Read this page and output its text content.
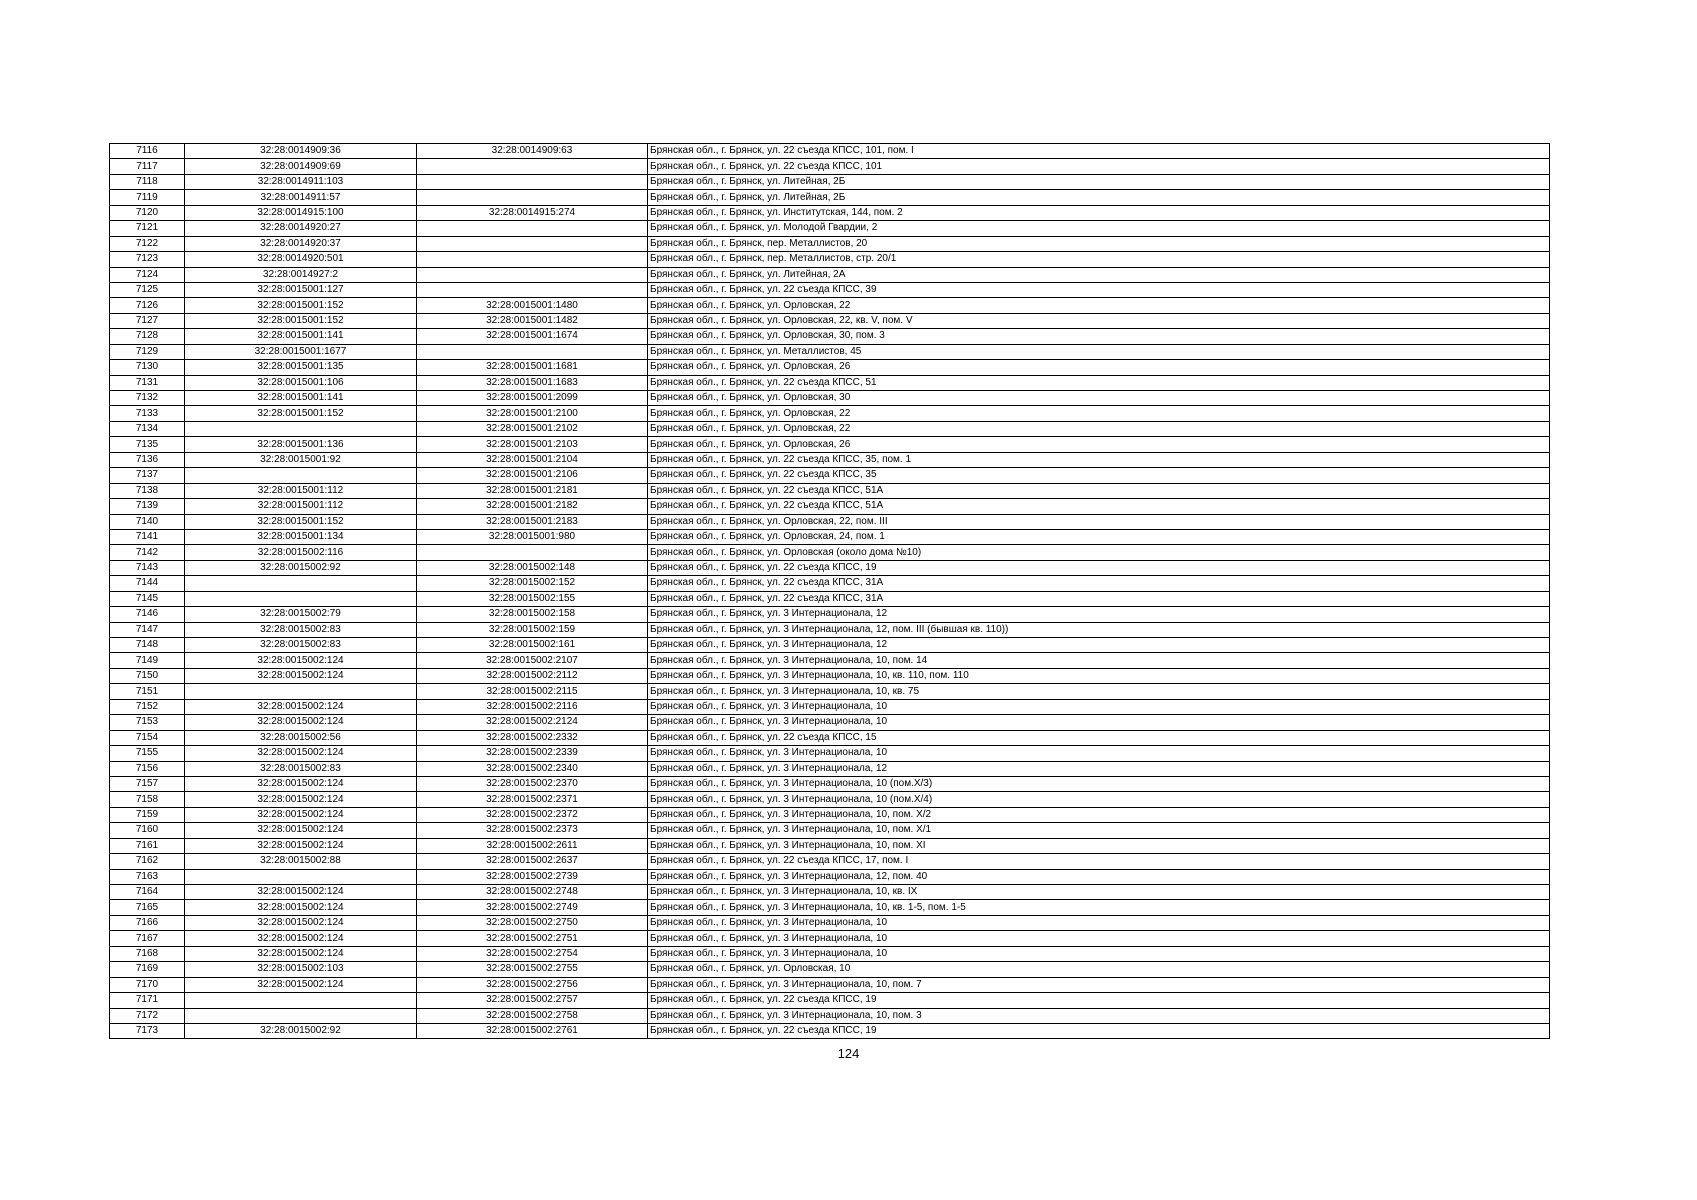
7116	32:28:0014909:36	32:28:0014909:63	Брянская обл., г. Брянск, ул. 22 съезда КПСС, 101, пом. I
7117	32:28:0014909:69		Брянская обл., г. Брянск, ул. 22 съезда КПСС, 101
7118	32:28:0014911:103		Брянская обл., г. Брянск, ул. Литейная, 2Б
7119	32:28:0014911:57		Брянская обл., г. Брянск, ул. Литейная, 2Б
7120	32:28:0014915:100	32:28:0014915:274	Брянская обл., г. Брянск, ул. Институтская, 144, пом. 2
7121	32:28:0014920:27		Брянская обл., г. Брянск, ул. Молодой Гвардии, 2
7122	32:28:0014920:37		Брянская обл., г. Брянск, пер. Металлистов, 20
7123	32:28:0014920:501		Брянская обл., г. Брянск, пер. Металлистов, стр. 20/1
7124	32:28:0014927:2		Брянская обл., г. Брянск, ул. Литейная, 2А
7125	32:28:0015001:127		Брянская обл., г. Брянск, ул. 22 съезда КПСС, 39
7126	32:28:0015001:152	32:28:0015001:1480	Брянская обл., г. Брянск, ул. Орловская, 22
7127	32:28:0015001:152	32:28:0015001:1482	Брянская обл., г. Брянск, ул. Орловская, 22, кв. V, пом. V
7128	32:28:0015001:141	32:28:0015001:1674	Брянская обл., г. Брянск, ул. Орловская, 30, пом. 3
7129	32:28:0015001:1677		Брянская обл., г. Брянск, ул. Металлистов, 45
7130	32:28:0015001:135	32:28:0015001:1681	Брянская обл., г. Брянск, ул. Орловская, 26
7131	32:28:0015001:106	32:28:0015001:1683	Брянская обл., г. Брянск, ул. 22 съезда КПСС, 51
7132	32:28:0015001:141	32:28:0015001:2099	Брянская обл., г. Брянск, ул. Орловская, 30
7133	32:28:0015001:152	32:28:0015001:2100	Брянская обл., г. Брянск, ул. Орловская, 22
7134		32:28:0015001:2102	Брянская обл., г. Брянск, ул. Орловская, 22
7135	32:28:0015001:136	32:28:0015001:2103	Брянская обл., г. Брянск, ул. Орловская, 26
7136	32:28:0015001:92	32:28:0015001:2104	Брянская обл., г. Брянск, ул. 22 съезда КПСС, 35, пом. 1
7137		32:28:0015001:2106	Брянская обл., г. Брянск, ул. 22 съезда КПСС, 35
7138	32:28:0015001:112	32:28:0015001:2181	Брянская обл., г. Брянск, ул. 22 съезда КПСС, 51А
7139	32:28:0015001:112	32:28:0015001:2182	Брянская обл., г. Брянск, ул. 22 съезда КПСС, 51А
7140	32:28:0015001:152	32:28:0015001:2183	Брянская обл., г. Брянск, ул. Орловская, 22, пом. III
7141	32:28:0015001:134	32:28:0015001:980	Брянская обл., г. Брянск, ул. Орловская, 24, пом. 1
7142	32:28:0015002:116		Брянская обл., г. Брянск, ул. Орловская (около дома №10)
7143	32:28:0015002:92	32:28:0015002:148	Брянская обл., г. Брянск, ул. 22 съезда КПСС, 19
7144		32:28:0015002:152	Брянская обл., г. Брянск, ул. 22 съезда КПСС, 31А
7145		32:28:0015002:155	Брянская обл., г. Брянск, ул. 22 съезда КПСС, 31А
7146	32:28:0015002:79	32:28:0015002:158	Брянская обл., г. Брянск, ул. 3 Интернационала, 12
7147	32:28:0015002:83	32:28:0015002:159	Брянская обл., г. Брянск, ул. 3 Интернационала, 12, пом. III (бывшая кв. 110))
7148	32:28:0015002:83	32:28:0015002:161	Брянская обл., г. Брянск, ул. 3 Интернационала, 12
7149	32:28:0015002:124	32:28:0015002:2107	Брянская обл., г. Брянск, ул. 3 Интернационала, 10, пом. 14
7150	32:28:0015002:124	32:28:0015002:2112	Брянская обл., г. Брянск, ул. 3 Интернационала, 10, кв. 110, пом. 110
7151		32:28:0015002:2115	Брянская обл., г. Брянск, ул. 3 Интернационала, 10, кв. 75
7152	32:28:0015002:124	32:28:0015002:2116	Брянская обл., г. Брянск, ул. 3 Интернационала, 10
7153	32:28:0015002:124	32:28:0015002:2124	Брянская обл., г. Брянск, ул. 3 Интернационала, 10
7154	32:28:0015002:56	32:28:0015002:2332	Брянская обл., г. Брянск, ул. 22 съезда КПСС, 15
7155	32:28:0015002:124	32:28:0015002:2339	Брянская обл., г. Брянск, ул. 3 Интернационала, 10
7156	32:28:0015002:83	32:28:0015002:2340	Брянская обл., г. Брянск, ул. 3 Интернационала, 12
7157	32:28:0015002:124	32:28:0015002:2370	Брянская обл., г. Брянск, ул. 3 Интернационала, 10 (пом.Х/3)
7158	32:28:0015002:124	32:28:0015002:2371	Брянская обл., г. Брянск, ул. 3 Интернационала, 10 (пом.Х/4)
7159	32:28:0015002:124	32:28:0015002:2372	Брянская обл., г. Брянск, ул. 3 Интернационала, 10, пом. Х/2
7160	32:28:0015002:124	32:28:0015002:2373	Брянская обл., г. Брянск, ул. 3 Интернационала, 10, пом. Х/1
7161	32:28:0015002:124	32:28:0015002:2611	Брянская обл., г. Брянск, ул. 3 Интернационала, 10, пом. XI
7162	32:28:0015002:88	32:28:0015002:2637	Брянская обл., г. Брянск, ул. 22 съезда КПСС, 17, пом. I
7163		32:28:0015002:2739	Брянская обл., г. Брянск, ул. 3 Интернационала, 12, пом. 40
7164	32:28:0015002:124	32:28:0015002:2748	Брянская обл., г. Брянск, ул. 3 Интернационала, 10, кв. IX
7165	32:28:0015002:124	32:28:0015002:2749	Брянская обл., г. Брянск, ул. 3 Интернационала, 10, кв. 1-5, пом. 1-5
7166	32:28:0015002:124	32:28:0015002:2750	Брянская обл., г. Брянск, ул. 3 Интернационала, 10
7167	32:28:0015002:124	32:28:0015002:2751	Брянская обл., г. Брянск, ул. 3 Интернационала, 10
7168	32:28:0015002:124	32:28:0015002:2754	Брянская обл., г. Брянск, ул. 3 Интернационала, 10
7169	32:28:0015002:103	32:28:0015002:2755	Брянская обл., г. Брянск, ул. Орловская, 10
7170	32:28:0015002:124	32:28:0015002:2756	Брянская обл., г. Брянск, ул. 3 Интернационала, 10, пом. 7
7171		32:28:0015002:2757	Брянская обл., г. Брянск, ул. 22 съезда КПСС, 19
7172		32:28:0015002:2758	Брянская обл., г. Брянск, ул. 3 Интернационала, 10, пом. 3
7173	32:28:0015002:92	32:28:0015002:2761	Брянская обл., г. Брянск, ул. 22 съезда КПСС, 19
124
